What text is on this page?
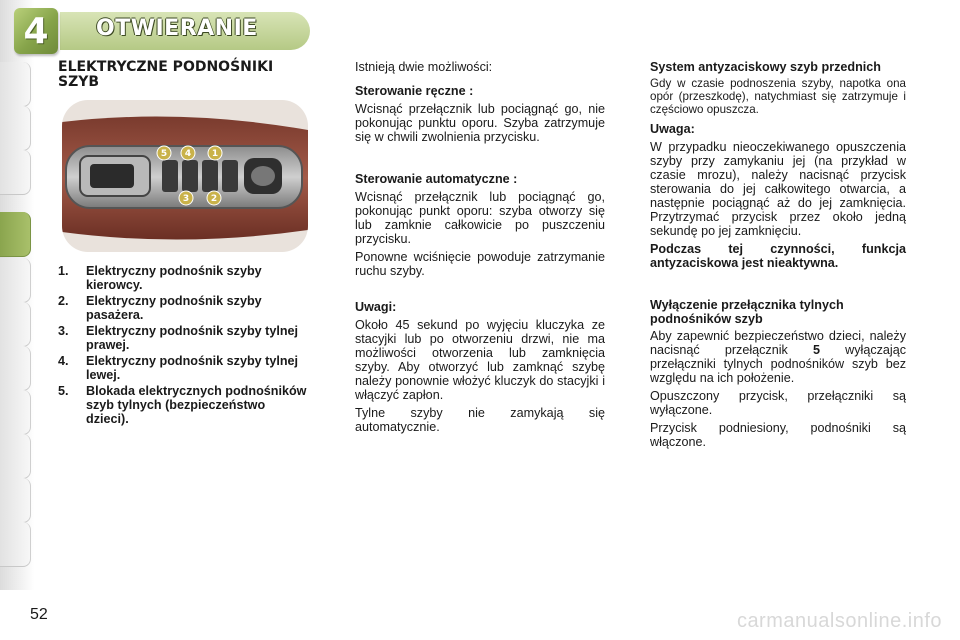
4 OTWIERANIE
ELEKTRYCZNE PODNOŚNIKI
SZYB
5 4 1
3 2
1.	Elektryczny podnośnik szyby kierowcy.
2.	Elektryczny podnośnik szyby pasażera.
3.	Elektryczny podnośnik szyby tylnej prawej.
4.	Elektryczny podnośnik szyby tylnej lewej.
5.	Blokada elektrycznych podnośników szyb tylnych (bezpieczeństwo dzieci).

Istnieją dwie możliwości:

Sterowanie ręczne :

Wcisnąć przełącznik lub pociągnąć go, nie pokonując punktu oporu. Szyba zatrzymuje się w chwili zwolnienia przycisku.

Sterowanie automatyczne :

Wcisnąć przełącznik lub pociągnąć go, pokonując punkt oporu: szyba otworzy się lub zamknie całkowicie po puszczeniu przycisku.

Ponowne wciśnięcie powoduje zatrzymanie ruchu szyby.

Uwagi:

Około 45 sekund po wyjęciu kluczyka ze stacyjki lub po otworzeniu drzwi, nie ma możliwości otworzenia lub zamknięcia szyby. Aby otworzyć lub zamknąć szybę należy ponownie włożyć kluczyk do stacyjki i włączyć zapłon.

Tylne szyby nie zamykają się automatycznie.

System antyzaciskowy szyb przednich

Gdy w czasie podnoszenia szyby, napotka ona opór (przeszkodę), natychmiast się zatrzymuje i częściowo opuszcza.

Uwaga:

W przypadku nieoczekiwanego opuszczenia szyby przy zamykaniu jej (na przykład w czasie mrozu), należy nacisnąć przycisk sterowania do jej całkowitego otwarcia, a następnie pociągnąć aż do jej zamknięcia. Przytrzymać przycisk przez około jedną sekundę po jej zamknięciu.

Podczas tej czynności, funkcja antyzaciskowa jest nieaktywna.

Wyłączenie przełącznika tylnych podnośników szyb

Aby zapewnić bezpieczeństwo dzieci, należy nacisnąć przełącznik 5 wyłączając przełączniki tylnych podnośników szyb bez względu na ich położenie.

Opuszczony przycisk, przełączniki są wyłączone.

Przycisk podniesiony, podnośniki są włączone.

52	carmanualsonline.info
